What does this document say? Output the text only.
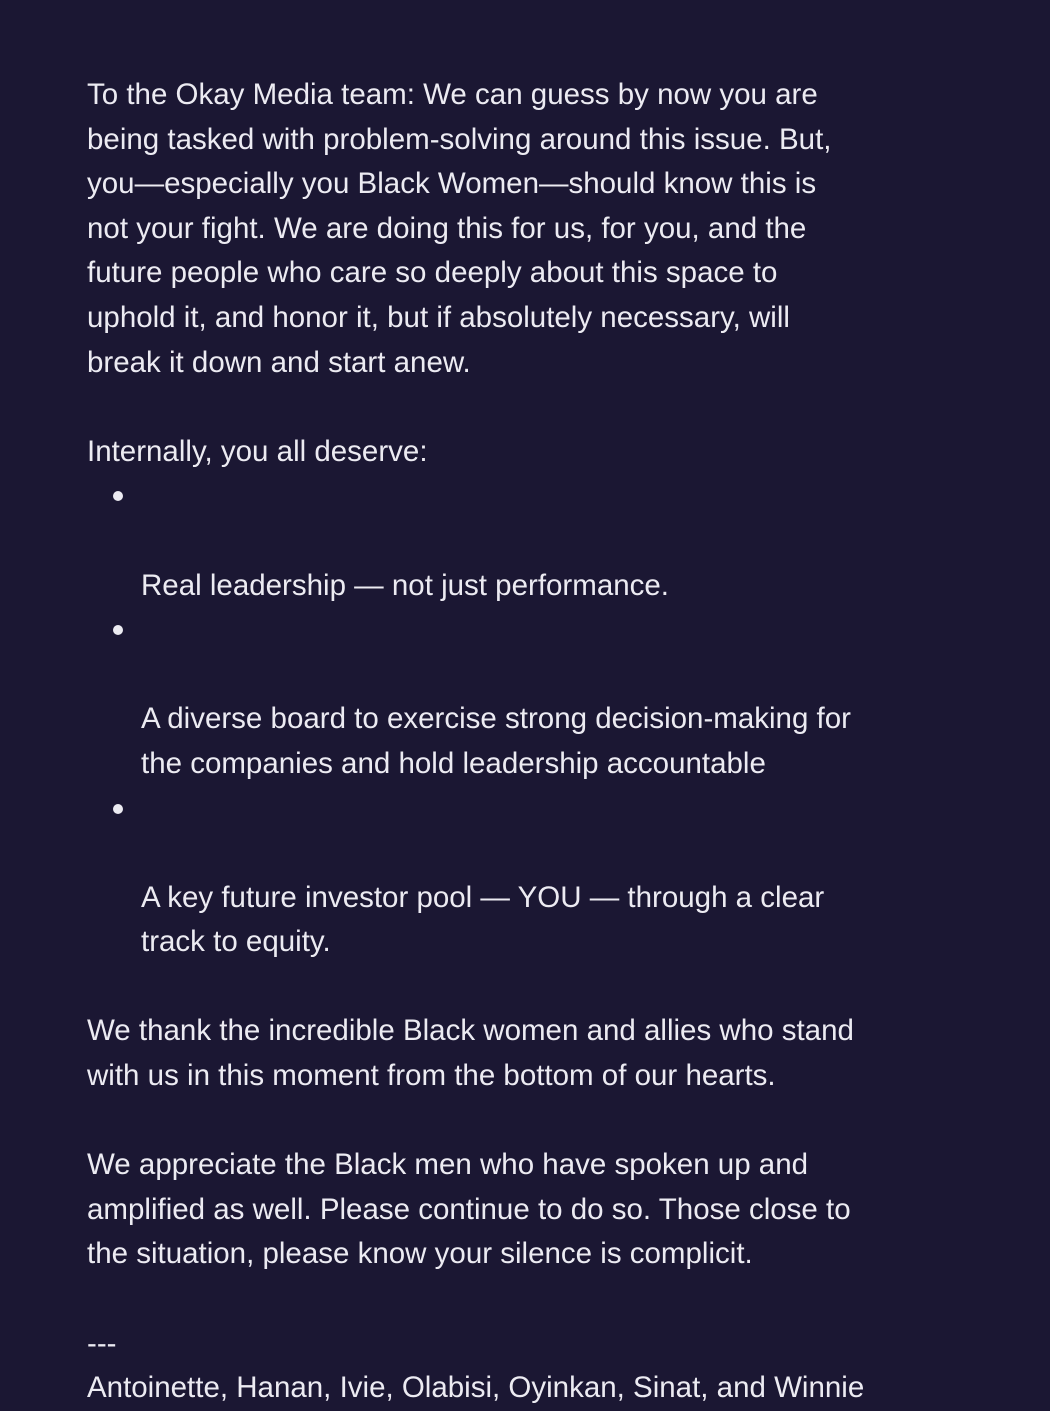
To the Okay Media team: We can guess by now you are
being tasked with problem-solving around this issue. But,
you—especially you Black Women—should know this is
not your fight. We are doing this for us, for you, and the
future people who care so deeply about this space to
uphold it, and honor it, but if absolutely necessary, will
break it down and start anew.

Internally, you all deserve:

Real leadership — not just performance.

A diverse board to exercise strong decision-making for
the companies and hold leadership accountable

A key future investor pool — YOU — through a clear
track to equity.

We thank the incredible Black women and allies who stand
with us in this moment from the bottom of our hearts.

We appreciate the Black men who have spoken up and
amplified as well. Please continue to do so. Those close to
the situation, please know your silence is complicit.

---

Antoinette, Hanan, Ivie, Olabisi, Oyinkan, Sinat, and Winnie
